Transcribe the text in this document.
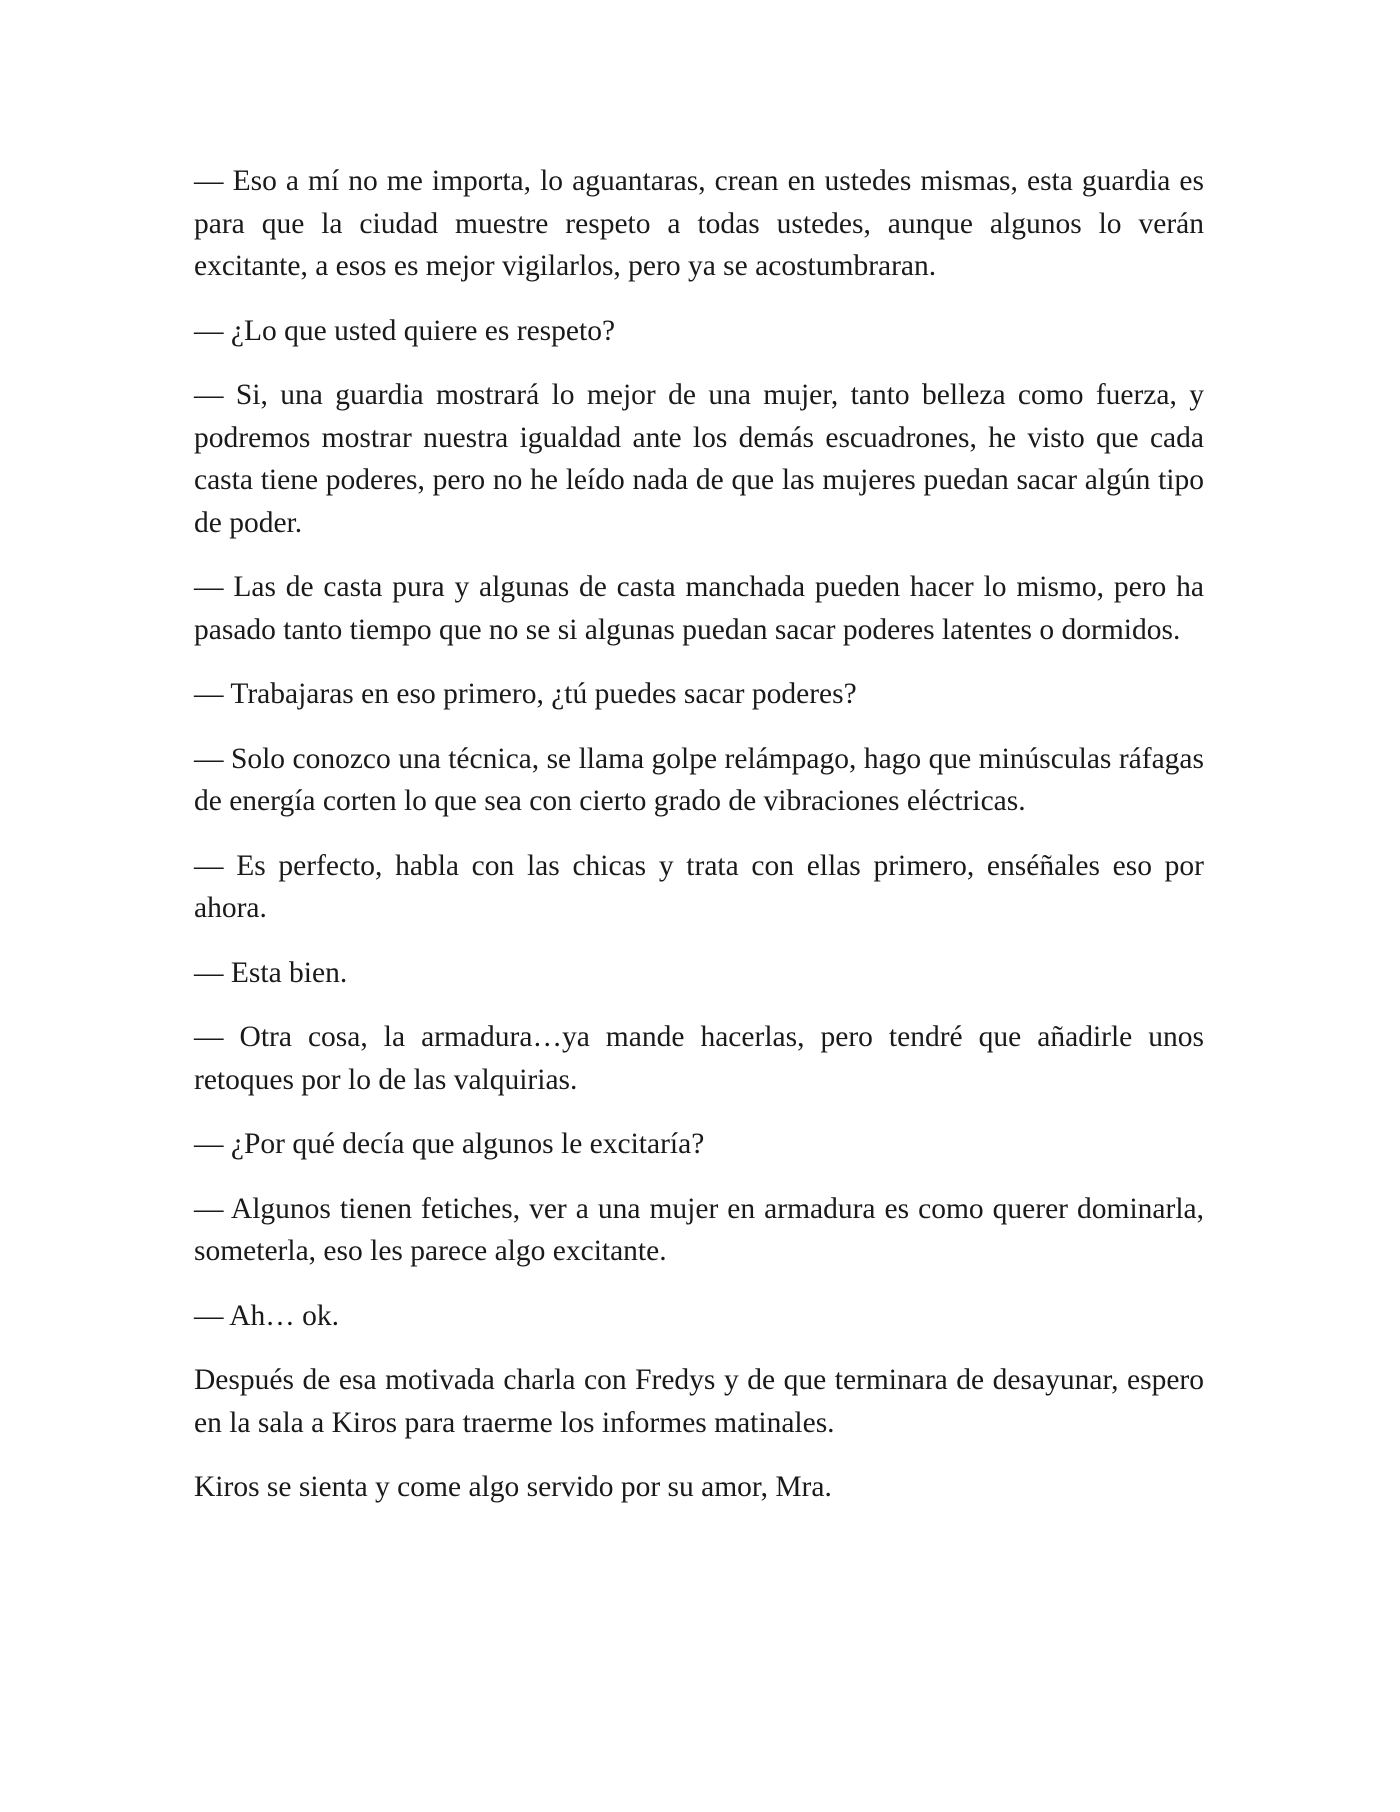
— Eso a mí no me importa, lo aguantaras, crean en ustedes mismas, esta guardia es para que la ciudad muestre respeto a todas ustedes, aunque algunos lo verán excitante, a esos es mejor vigilarlos, pero ya se acostumbraran.

— ¿Lo que usted quiere es respeto?

— Si, una guardia mostrará lo mejor de una mujer, tanto belleza como fuerza, y podremos mostrar nuestra igualdad ante los demás escuadrones, he visto que cada casta tiene poderes, pero no he leído nada de que las mujeres puedan sacar algún tipo de poder.

— Las de casta pura y algunas de casta manchada pueden hacer lo mismo, pero ha pasado tanto tiempo que no se si algunas puedan sacar poderes latentes o dormidos.

— Trabajaras en eso primero, ¿tú puedes sacar poderes?

— Solo conozco una técnica, se llama golpe relámpago, hago que minúsculas ráfagas de energía corten lo que sea con cierto grado de vibraciones eléctricas.

— Es perfecto, habla con las chicas y trata con ellas primero, enséñales eso por ahora.

— Esta bien.

— Otra cosa, la armadura…ya mande hacerlas, pero tendré que añadirle unos retoques por lo de las valquirias.

— ¿Por qué decía que algunos le excitaría?

— Algunos tienen fetiches, ver a una mujer en armadura es como querer dominarla, someterla, eso les parece algo excitante.

— Ah… ok.

Después de esa motivada charla con Fredys y de que terminara de desayunar, espero en la sala a Kiros para traerme los informes matinales.

Kiros se sienta y come algo servido por su amor, Mra.
